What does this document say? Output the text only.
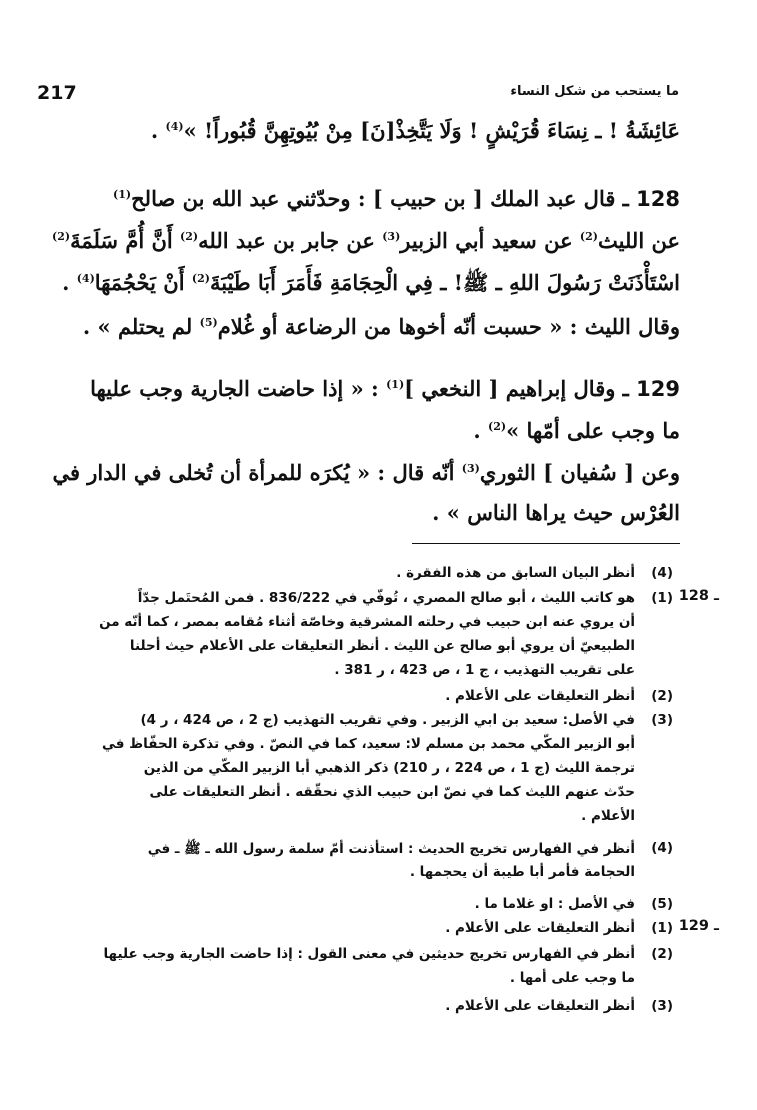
217	ما يستحب من شكل النساء
عَائِشَةُ ! ـ نِسَاءَ قُرَيْشٍ ! وَلَا يَتَّخِذْ[نَ] مِنْ بُيُوتِهِنَّ قُبُوراً! »$^{(4)}$ .
128 ـ قال عبد الملك [ بن حبيب ] : وحدّثني عبد الله بن صالح$^{(1)}$
عن الليث$^{(2)}$ عن سعيد أبي الزبير$^{(3)}$ عن جابر بن عبد الله$^{(2)}$ أَنَّ أُمَّ سَلَمَةَ$^{(2)}$
اسْتَأْذَنَتْ رَسُولَ اللهِ ـ ﷺ! ـ فِي الْحِجَامَةِ فَأَمَرَ أَبَا طَيْبَةَ$^{(2)}$ أَنْ يَحْجُمَهَا$^{(4)}$ .
وقال الليث : « حسبت أنّه أخوها من الرضاعة أو غُلام$^{(5)}$ لم يحتلم » .
129 ـ وقال إبراهيم [ النخعي ]$^{(1)}$ : « إذا حاضت الجارية وجب عليها
ما وجب على أمّها »$^{(2)}$ .
وعن [ سُفيان ] الثوري$^{(3)}$ أنّه قال : « يُكرَه للمرأة أن تُخلى في الدار في
العُرْس حيث يراها الناس » .
(4)
أنظر البيان السابق من هذه الفقرة .
128 ـ
(1)
هو كاتب الليث ، أبو صالح المصري ، تُوفّي في 836/222 . فمن المُحتَمل جدّاً
أن يروي عنه ابن حبيب في رحلته المشرقية وخاصّة أثناء مُقامه بمصر ، كما أنّه من
الطبيعيّ أن يروي أبو صالح عن الليث . أنظر التعليقات على الأعلام حيث أحلنا
على تقريب التهذيب ، ج 1 ، ص 423 ، ر 381 .
(2)
أنظر التعليقات على الأعلام .
(3)
في الأصل: سعيد بن ابي الزبير . وفي تقريب التهذيب (ج 2 ، ص 424 ، ر 4)
أبو الزبير المكّي محمد بن مسلم لا: سعيد، كما في النصّ . وفي تذكرة الحفّاظ في
ترجمة الليث (ج 1 ، ص 224 ، ر 210) ذكر الذهبي أبا الزبير المكّي من الذين
حدّث عنهم الليث كما في نصّ ابن حبيب الذي نحقّقه . أنظر التعليقات على
الأعلام .
(4)
أنظر في الفهارس تخريج الحديث : استأذنت أمّ سلمة رسول الله ـ ﷺ ـ في
الحجامة فأمر أبا طيبة أن يحجمها .
(5)
في الأصل : او غلاما ما .
129 ـ
(1)
أنظر التعليقات على الأعلام .
(2)
أنظر في الفهارس تخريج حديثين في معنى القول : إذا حاضت الجارية وجب عليها
ما وجب على أمها .
(3)
أنظر التعليقات على الأعلام .
